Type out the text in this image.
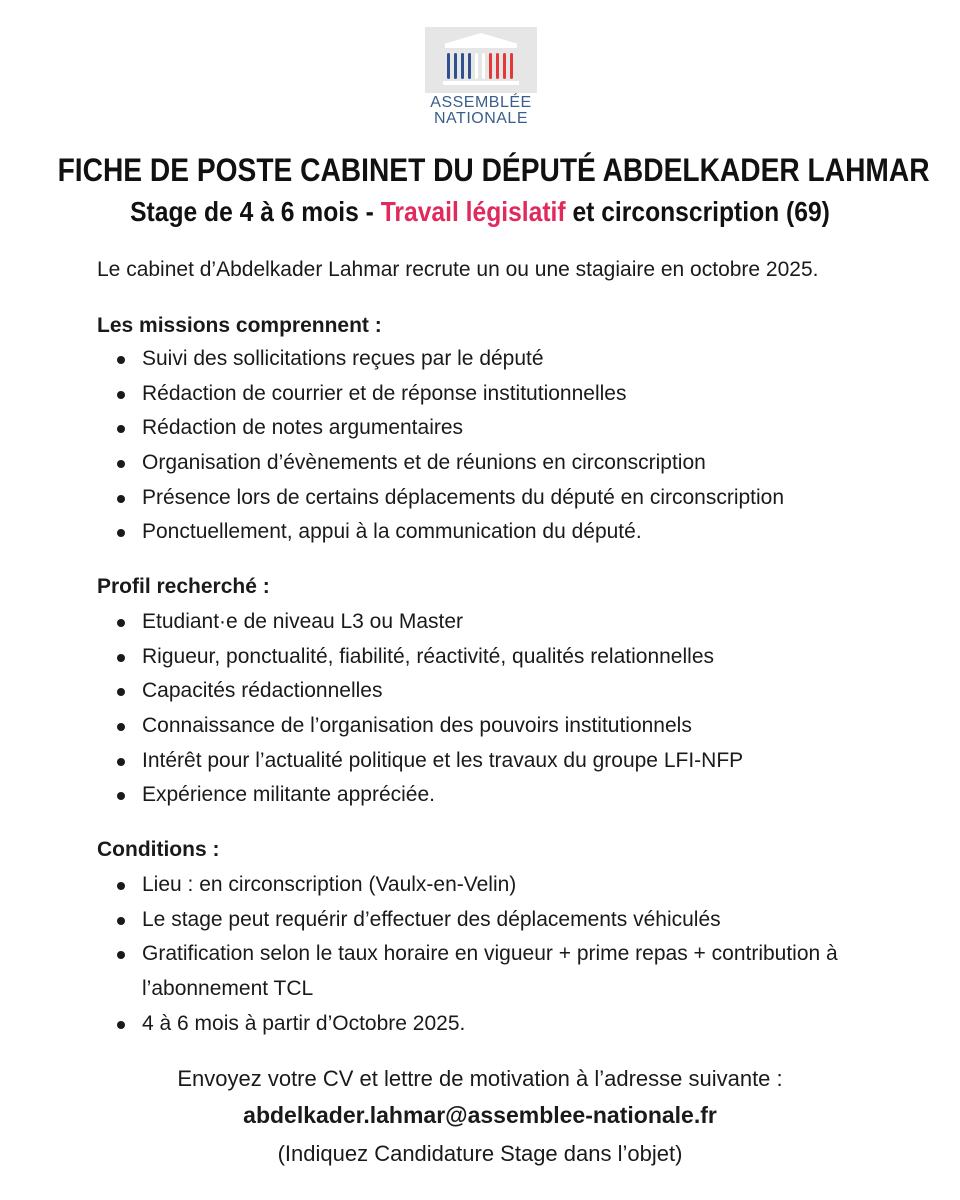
ASSEMBLÉE
NATIONALE
FICHE DE POSTE CABINET DU DÉPUTÉ ABDELKADER LAHMAR
Stage de 4 à 6 mois - Travail législatif et circonscription (69)
Le cabinet d’Abdelkader Lahmar recrute un ou une stagiaire en octobre 2025.
Les missions comprennent :
Suivi des sollicitations reçues par le député
Rédaction de courrier et de réponse institutionnelles
Rédaction de notes argumentaires
Organisation d’évènements et de réunions en circonscription
Présence lors de certains déplacements du député en circonscription
Ponctuellement, appui à la communication du député.
Profil recherché :
Etudiant·e de niveau L3 ou Master
Rigueur, ponctualité, fiabilité, réactivité, qualités relationnelles
Capacités rédactionnelles
Connaissance de l’organisation des pouvoirs institutionnels
Intérêt pour l’actualité politique et les travaux du groupe LFI-NFP
Expérience militante appréciée.
Conditions :
Lieu : en circonscription (Vaulx-en-Velin)
Le stage peut requérir d’effectuer des déplacements véhiculés
Gratification selon le taux horaire en vigueur + prime repas + contribution à l’abonnement TCL
4 à 6 mois à partir d’Octobre 2025.
Envoyez votre CV et lettre de motivation à l’adresse suivante :
abdelkader.lahmar@assemblee-nationale.fr
(Indiquez Candidature Stage dans l’objet)
